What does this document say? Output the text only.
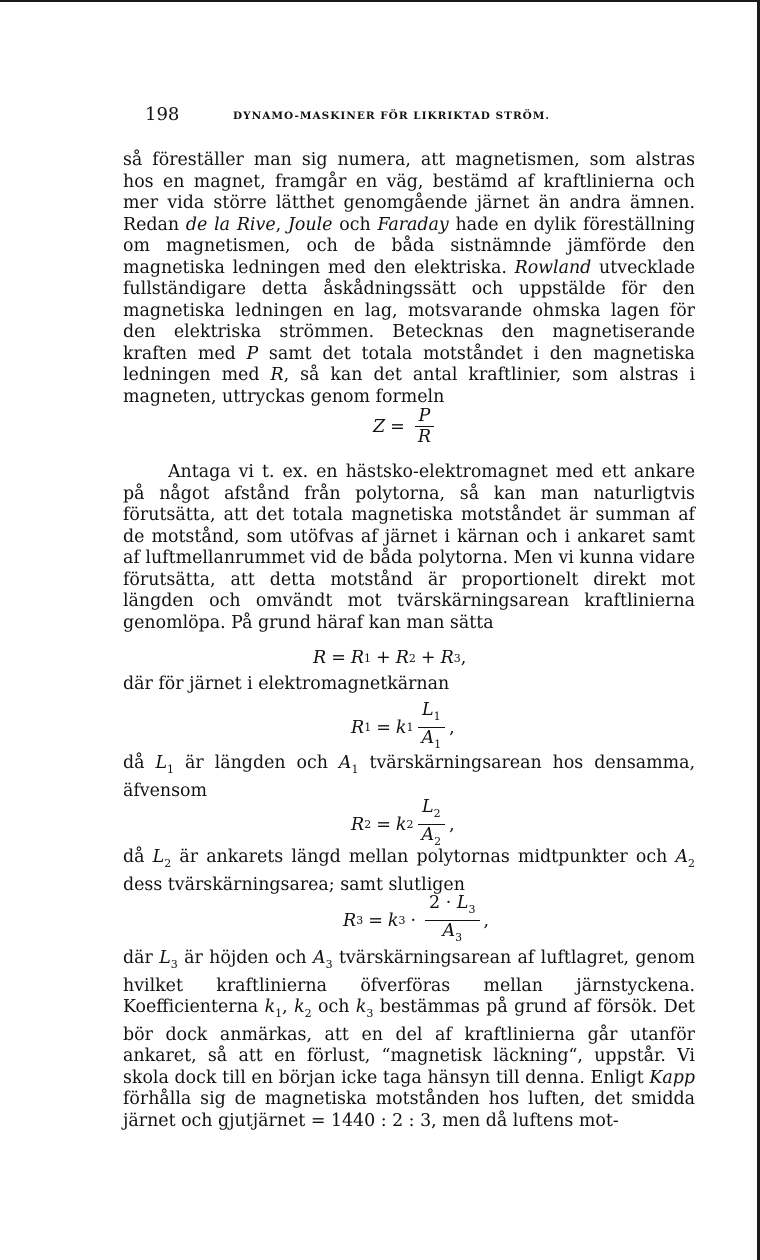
198	DYNAMO-MASKINER FÖR LIKRIKTAD STRÖM.

så föreställer man sig numera, att magnetismen, som alstras hos en magnet, framgår en väg, bestämd af kraftlinierna och mer vida större lätthet genomgående järnet än andra ämnen. Redan de la Rive, Joule och Faraday hade en dylik föreställning om magnetismen, och de båda sistnämnde jämförde den magnetiska ledningen med den elektriska. Rowland utvecklade fullständigare detta åskådningssätt och uppstälde för den magnetiska ledningen en lag, motsvarande ohmska lagen för den elektriska strömmen. Betecknas den magnetiserande kraften med P samt det totala motståndet i den magnetiska ledningen med R, så kan det antal kraftlinier, som alstras i magneten, uttryckas genom formeln

$Z = \frac{P}{R}$

Antaga vi t. ex. en hästsko-elektromagnet med ett ankare på något afstånd från polytorna, så kan man naturligtvis förutsätta, att det totala magnetiska motståndet är summan af de motstånd, som utöfvas af järnet i kärnan och i ankaret samt af luftmellanrummet vid de båda polytorna. Men vi kunna vidare förutsätta, att detta motstånd är proportionelt direkt mot längden och omvändt mot tvärskärningsarean kraftlinierna genomlöpa. På grund häraf kan man sätta

R = R 1 + R 2 + R 3 ,

där för järnet i elektromagnetkärnan

R 1 = k $1 \frac{L_1}{A_1}$ ,

då $L_1$ är längden och $A_1$ tvärskärningsarean hos densamma, äfvensom

R 2 = k $2 \frac{L_2}{A_2}$ ,

då $L_2$ är ankarets längd mellan polytornas midtpunkter och $A_2$ dess tvärskärningsarea; samt slutligen

R 3 = k $3 \cdot \frac{2 \cdot L_3}{A_3}$ ,

där $L_3$ är höjden och $A_3$ tvärskärningsarean af luftlagret, genom hvilket kraftlinierna öfverföras mellan järnstyckena. Koefficienterna $k_1$, $k_2$ och $k_3$ bestämmas på grund af försök. Det bör dock anmärkas, att en del af kraftlinierna går utanför ankaret, så att en förlust, “magnetisk läckning“, uppstår. Vi skola dock till en början icke taga hänsyn till denna. Enligt Kapp förhålla sig de magnetiska motstånden hos luften, det smidda järnet och gjutjärnet = 1440 : 2 : 3, men då luftens mot-
